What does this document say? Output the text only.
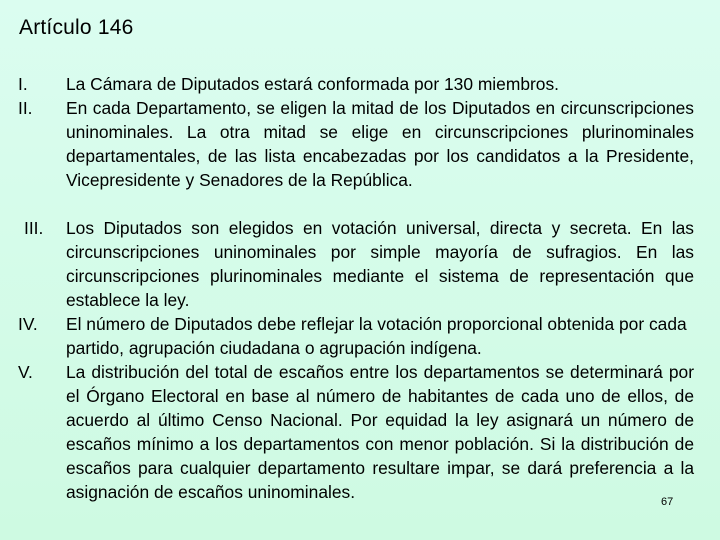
Artículo 146
I. La Cámara de Diputados estará conformada por 130 miembros.
II. En cada Departamento, se eligen la mitad de los Diputados en circunscripciones uninominales. La otra mitad se elige en circunscripciones plurinominales departamentales, de las lista encabezadas por los candidatos a la Presidente, Vicepresidente y Senadores de la República.
III. Los Diputados son elegidos en votación universal, directa y secreta. En las circunscripciones uninominales por simple mayoría de sufragios. En las circunscripciones plurinominales mediante el sistema de representación que establece la ley.
IV. El número de Diputados debe reflejar la votación proporcional obtenida por cada partido, agrupación ciudadana o agrupación indígena.
V. La distribución del total de escaños entre los departamentos se determinará por el Órgano Electoral en base al número de habitantes de cada uno de ellos, de acuerdo al último Censo Nacional. Por equidad la ley asignará un número de escaños mínimo a los departamentos con menor población. Si la distribución de escaños para cualquier departamento resultare impar, se dará preferencia a la asignación de escaños uninominales.	67
